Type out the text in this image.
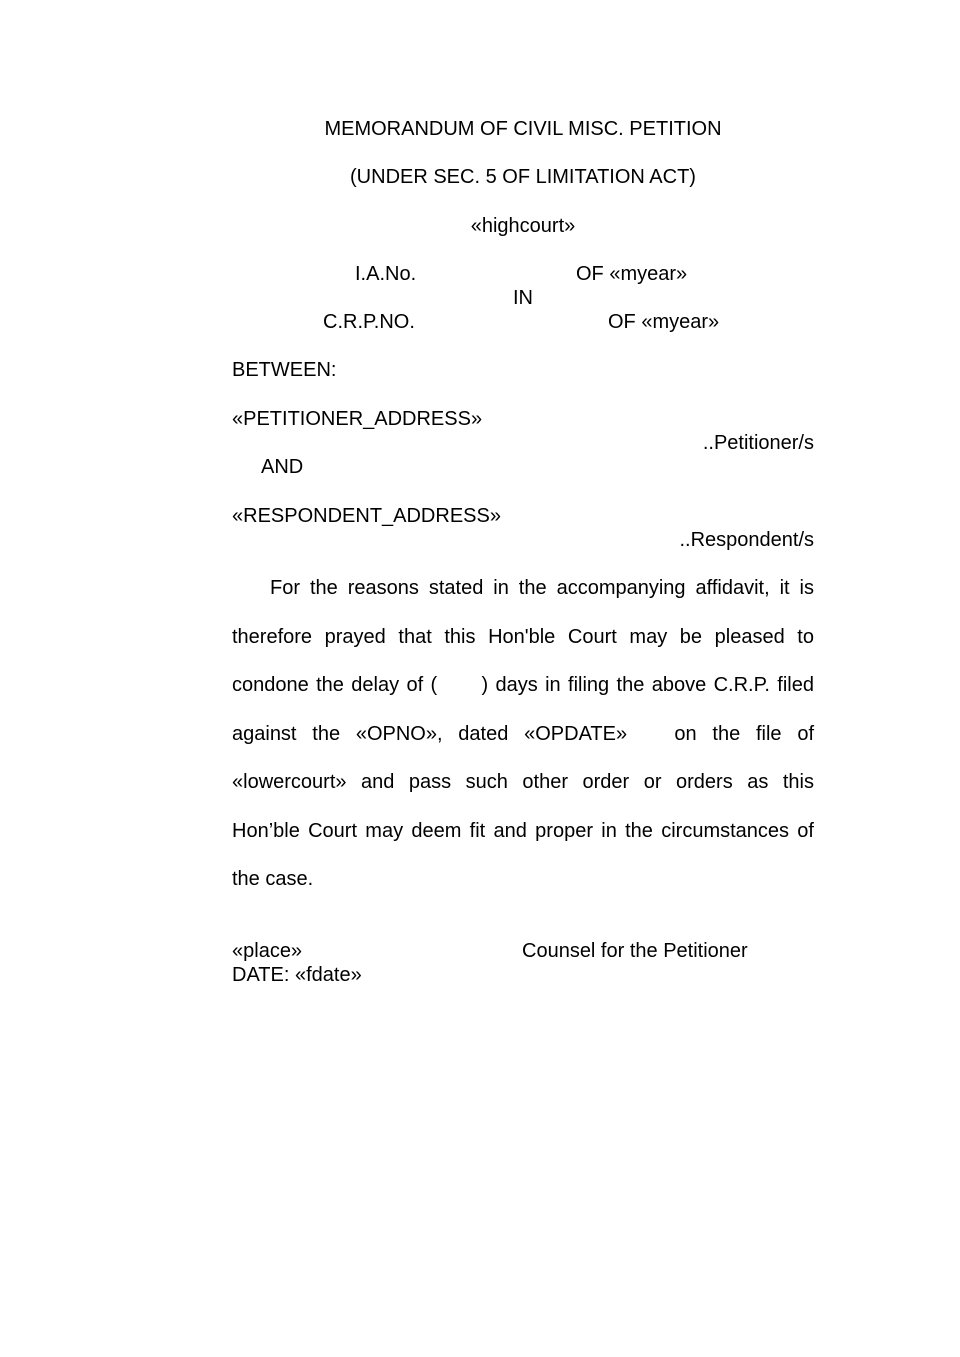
MEMORANDUM OF CIVIL MISC. PETITION
(UNDER SEC. 5 OF LIMITATION ACT)
«highcourt»
I.A.No.	OF «myear»
IN
C.R.P.NO.	OF «myear»
BETWEEN:
«PETITIONER_ADDRESS»
..Petitioner/s
AND
«RESPONDENT_ADDRESS»
..Respondent/s
For the reasons stated in the accompanying affidavit, it is
therefore prayed that this Hon'ble Court may be pleased to
condone the delay of (      ) days in filing the above C.R.P. filed
against the «OPNO», dated «OPDATE»   on the file of
«lowercourt» and pass such other order or orders as this
Hon’ble Court may deem fit and proper in the circumstances of
the case.
«place»	Counsel for the Petitioner
DATE: «fdate»
